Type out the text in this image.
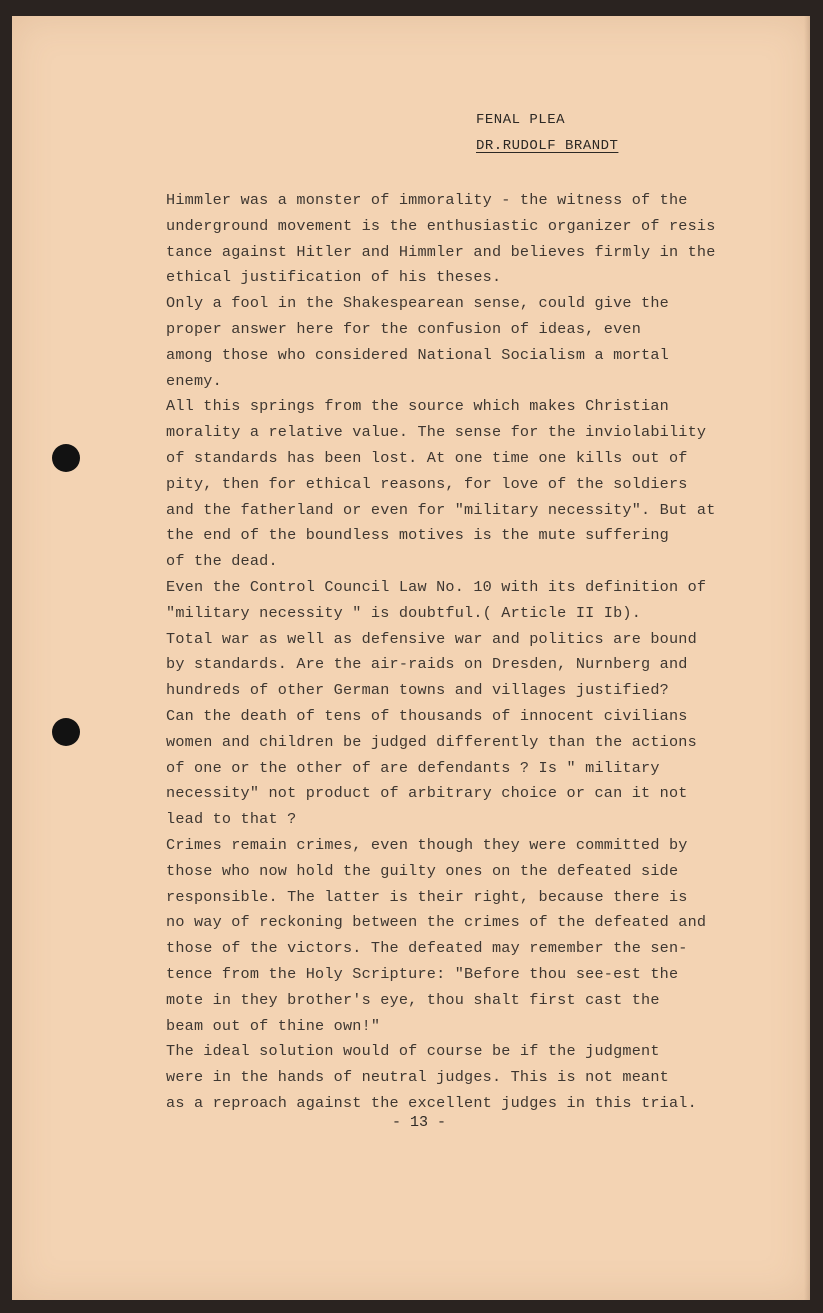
FENAL PLEA
DR.RUDOLF BRANDT
Himmler was a monster of immorality - the witness of the
underground movement is the enthusiastic organizer of resis
tance against Hitler and Himmler and believes firmly in the
ethical justification of his theses.
Only a fool in the Shakespearean sense, could give the
proper answer here for the confusion of ideas, even
among those who considered National Socialism a mortal
enemy.
All this springs from the source which makes Christian
morality a relative value. The sense for the inviolability
of standards has been lost. At one time one kills out of
pity, then for ethical reasons, for love of the soldiers
and the fatherland or even for "military necessity". But at
the end of the boundless motives is the mute suffering
of the dead.
Even the Control Council Law No. 10 with its definition of
"military necessity " is doubtful.( Article II Ib).
Total war as well as defensive war and politics are bound
by standards. Are the air-raids on Dresden, Nurnberg and
hundreds of other German towns and villages justified?
Can the death of tens of thousands of innocent civilians
women and children be judged differently than the actions
of one or the other of are defendants ? Is " military
necessity" not product of arbitrary choice or can it not
lead to that ?
Crimes remain crimes, even though they were committed by
those who now hold the guilty ones on the defeated side
responsible. The latter is their right, because there is
no way of reckoning between the crimes of the defeated and
those of the victors. The defeated may remember the sen-
tence from the Holy Scripture: "Before thou see-est the
mote in they brother's eye, thou shalt first cast the
beam out of thine own!"
The ideal solution would of course be if the judgment
were in the hands of neutral judges. This is not meant
as a reproach against the excellent judges in this trial.
- 13 -
